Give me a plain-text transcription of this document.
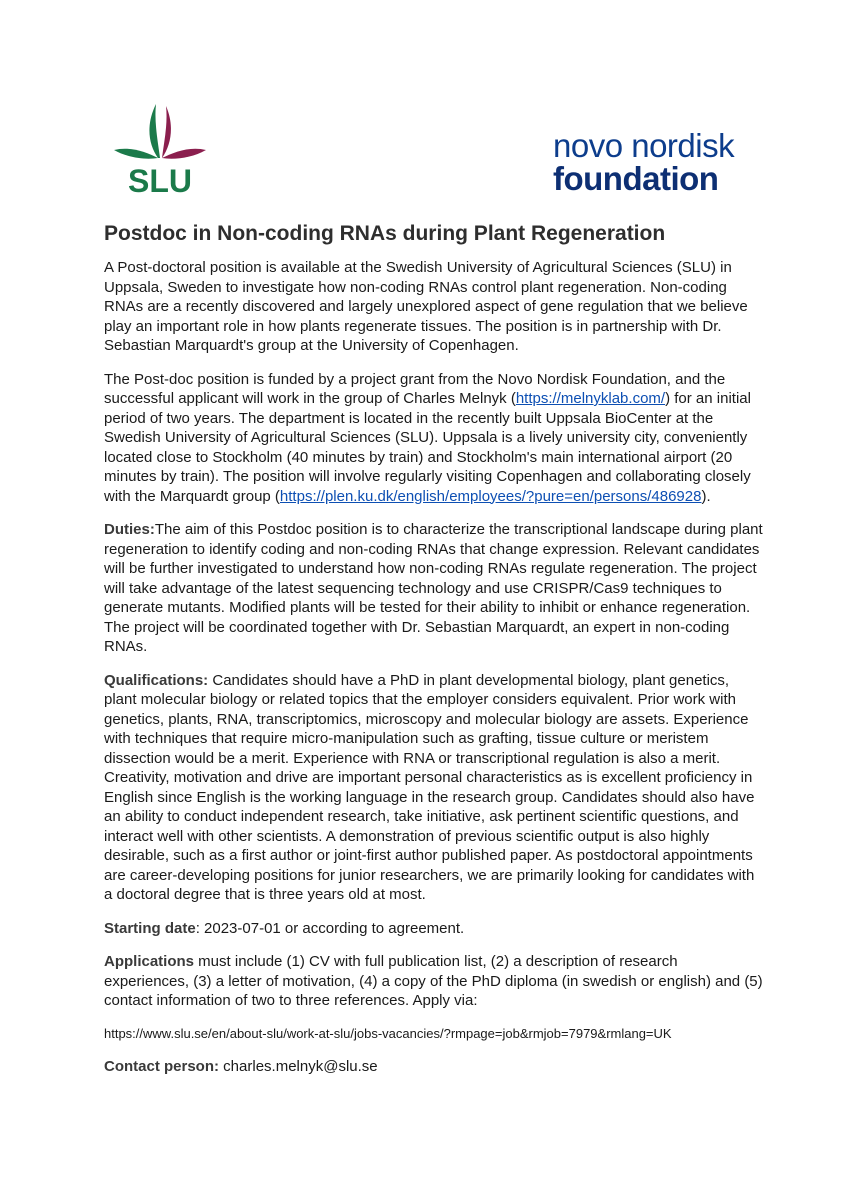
SLU
novo nordisk
foundation
Postdoc in Non-coding RNAs during Plant Regeneration

A Post-doctoral position is available at the Swedish University of Agricultural Sciences (SLU) in Uppsala, Sweden to investigate how non-coding RNAs control plant regeneration. Non-coding RNAs are a recently discovered and largely unexplored aspect of gene regulation that we believe play an important role in how plants regenerate tissues. The position is in partnership with Dr. Sebastian Marquardt's group at the University of Copenhagen.

The Post-doc position is funded by a project grant from the Novo Nordisk Foundation, and the successful applicant will work in the group of Charles Melnyk (https://melnyklab.com/) for an initial period of two years. The department is located in the recently built Uppsala BioCenter at the Swedish University of Agricultural Sciences (SLU). Uppsala is a lively university city, conveniently located close to Stockholm (40 minutes by train) and Stockholm's main international airport (20 minutes by train). The position will involve regularly visiting Copenhagen and collaborating closely with the Marquardt group (https://plen.ku.dk/english/employees/?pure=en/persons/486928).

Duties:The aim of this Postdoc position is to characterize the transcriptional landscape during plant regeneration to identify coding and non-coding RNAs that change expression. Relevant candidates will be further investigated to understand how non-coding RNAs regulate regeneration. The project will take advantage of the latest sequencing technology and use CRISPR/Cas9 techniques to generate mutants. Modified plants will be tested for their ability to inhibit or enhance regeneration. The project will be coordinated together with Dr. Sebastian Marquardt, an expert in non-coding RNAs.

Qualifications: Candidates should have a PhD in plant developmental biology, plant genetics, plant molecular biology or related topics that the employer considers equivalent. Prior work with genetics, plants, RNA, transcriptomics, microscopy and molecular biology are assets. Experience with techniques that require micro-manipulation such as grafting, tissue culture or meristem dissection would be a merit. Experience with RNA or transcriptional regulation is also a merit. Creativity, motivation and drive are important personal characteristics as is excellent proficiency in English since English is the working language in the research group. Candidates should also have an ability to conduct independent research, take initiative, ask pertinent scientific questions, and interact well with other scientists. A demonstration of previous scientific output is also highly desirable, such as a first author or joint-first author published paper. As postdoctoral appointments are career-developing positions for junior researchers, we are primarily looking for candidates with a doctoral degree that is three years old at most.

Starting date: 2023-07-01 or according to agreement.

Applications must include (1) CV with full publication list, (2) a description of research experiences, (3) a letter of motivation, (4) a copy of the PhD diploma (in swedish or english) and (5) contact information of two to three references. Apply via:

https://www.slu.se/en/about-slu/work-at-slu/jobs-vacancies/?rmpage=job&rmjob=7979&rmlang=UK

Contact person: charles.melnyk@slu.se
